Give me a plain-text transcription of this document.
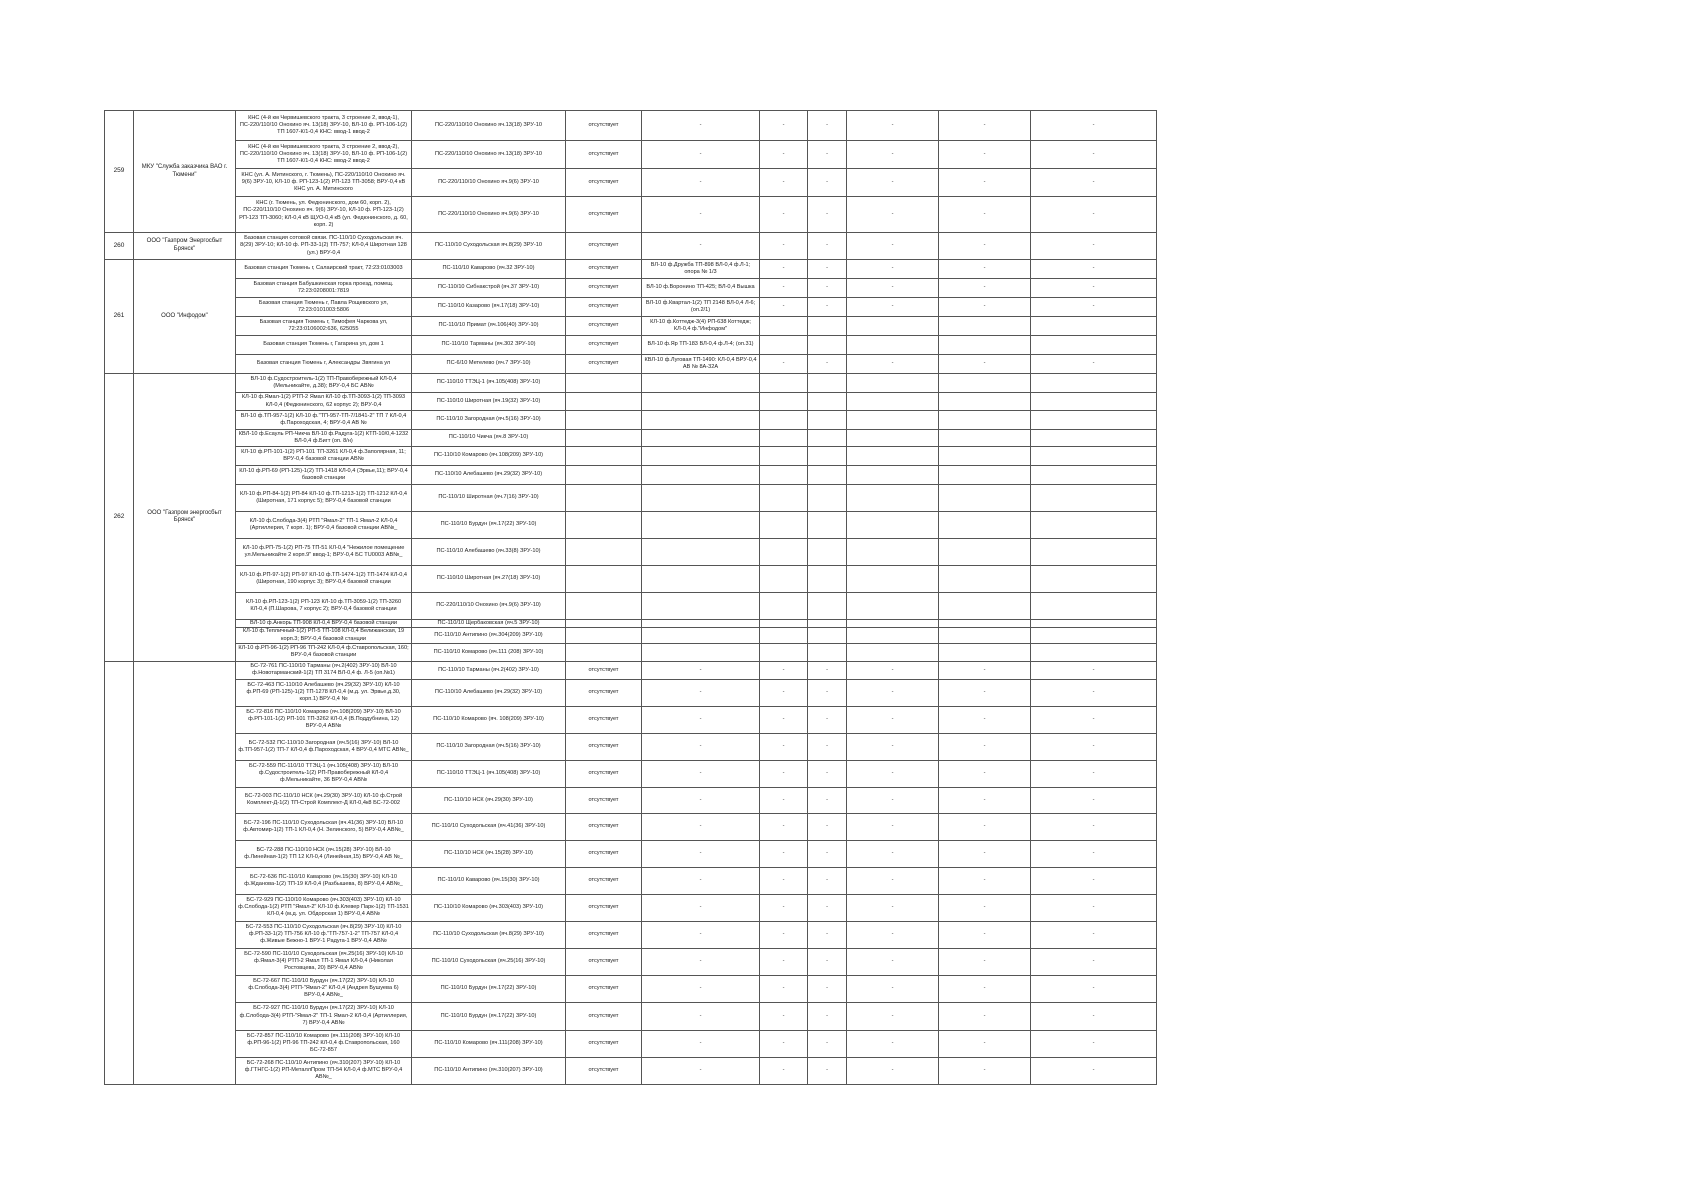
259	МКУ "Служба заказчика ВАО г. Тюмени"	КНС (4-й км Червишевского тракта, 3 строение 2, ввод-1), ПС-220/110/10 Онохино яч. 13(18) ЗРУ-10, ВЛ-10 ф. РП-106-1(2) ТП 1607-К/1-0,4 КНС: ввод-1 ввод-2	ПС-220/110/10 Онохино яч.13(18) ЗРУ-10	отсутствует	-	-	-	-	-	-
		КНС (4-й км Червишевского тракта, 3 строение 2, ввод-2), ПС-220/110/10 Онохино яч. 13(18) ЗРУ-10, ВЛ-10 ф. РП-106-1(2) ТП 1607-К/1-0,4 КНС: ввод-2 ввод-2	ПС-220/110/10 Онохино яч.13(18) ЗРУ-10	отсутствует	-	-	-	-	-	-
		КНС (ул. А. Митинского, г. Тюмень), ПС-220/110/10 Онохино яч. 9(6) ЗРУ-10, КЛ-10 ф. РП-123-1(2) РП-123 ТП-3058; ВРУ-0,4 кВ КНС ул. А. Митинского	ПС-220/110/10 Онохино яч.9(6) ЗРУ-10	отсутствует	-	-	-	-	-	-
		КНС (г. Тюмень, ул. Федюнинского, дом 60, корп. 2), ПС-220/110/10 Онохино яч. 9(6) ЗРУ-10, КЛ-10 ф. РП-123-1(2) РП-123 ТП-3060; КЛ-0,4 кВ ЩУО-0,4 кВ (ул. Федюнинского, д. 60, корп. 2)	ПС-220/110/10 Онохино яч.9(6) ЗРУ-10	отсутствует	-	-	-	-	-	-
260	ООО "Газпром Энергосбыт Брянск"	Базовая станция сотовой связи. ПС-110/10 Суходольская яч. 8(29) ЗРУ-10; КЛ-10 ф. РП-33-1(2) ТП-757; КЛ-0,4 Широтная 128 (ул.) ВРУ-0,4	ПС-110/10 Суходольская яч.8(29) ЗРУ-10	отсутствует	-	-	-	-	-	-
261	ООО "Инфодом"	Базовая станция Тюмень г, Салаирский тракт, 72:23:0103003	ПС-110/10 Каварово (яч.32 ЗРУ-10)	отсутствует	ВЛ-10 ф.Дружба ТП-898 ВЛ-0,4 ф.Л-1; опора № 1/3	-	-	-	-	-
		Базовая станция Бабушкинская горка проезд, помещ. 72:23:0208001:7819	ПС-110/10 Сибнакстрой (яч.37 ЗРУ-10)	отсутствует	ВЛ-10 ф.Воронино ТП-425; ВЛ-0,4 Вышка	-	-	-	-	-
		Базовая станция Тюмень г, Павла Рощевского ул, 72:23:0101003:5806	ПС-110/10 Казарово (яч.17(18) ЗРУ-10)	отсутствует	ВЛ-10 ф.Квартал-1(2) ТП 2148 ВЛ-0,4 Л-6; (оп.2/1)	-	-	-	-	-
		Базовая станция Тюмень г, Тимофея Чаркова ул, 72:23:0106002:636, 625055	ПС-110/10 Примат (яч.106(40) ЗРУ-10)	отсутствует	КЛ-10 ф.Коттедж-3(4) РП-638 Коттедж; КЛ-0,4 ф."Инфодом"					
		Базовая станция Тюмень г, Гагарина ул, дом 1	ПС-110/10 Тарманы (яч.302 ЗРУ-10)	отсутствует	ВЛ-10 ф.Яр ТП-183 ВЛ-0,4 ф.Л-4; (оп.31)					
		Базовая станция Тюмень г, Александры Звягина ул	ПС-6/10 Метелево (яч.7 ЗРУ-10)	отсутствует	КВЛ-10 ф.Луговая ТП-1490: КЛ-0,4 ВРУ-0,4 АВ № 8А-32А	-	-	-	-	-
262	ООО "Газпром энергосбыт Брянск"	ВЛ-10 ф.Судостроитель-1(2) ТП-Правобережный КЛ-0,4 (Мельникайте, д.38); ВРУ-0,4 БС АВ№	ПС-110/10 ТТЭЦ-1 (яч.105(408) ЗРУ-10)							
		КЛ-10 ф.Ямал-1(2) РТП-2 Ямал КЛ-10 ф.ТП-3093-1(2) ТП-3093 КЛ-0,4 (Федюнинского, 62 корпус 2); ВРУ-0,4	ПС-110/10 Широтная (яч.19(32) ЗРУ-10)							
		ВЛ-10 ф.ТП-957-1(2) КЛ-10 ф."ТП-957-ТП-7/1841-2" ТП 7 КЛ-0,4 ф.Пароходская, 4; ВРУ-0,4 АВ №	ПС-110/10 Загородная (яч.5(16) ЗРУ-10)							
		КВЛ-10 ф.Есауль РП-Чикча ВЛ-10 ф.Радуга-1(2) КТП-10/0,4-1232 ВЛ-0,4 ф.Бигт (оп. 8/н)	ПС-110/10 Чикча (яч.8 ЗРУ-10)							
		КЛ-10 ф.РП-101-1(2) РП-101 ТП-3261 КЛ-0,4 ф.Заполярная, 11; ВРУ-0,4 базовой станции АВ№	ПС-110/10 Комарово (яч.108(209) ЗРУ-10)							
		КЛ-10 ф.РП-69 (РП-125)-1(2) ТП-1418 КЛ-0,4 (Эрвье,11); ВРУ-0,4 базовой станции	ПС-110/10 Алебашево (яч.29(32) ЗРУ-10)							
		КЛ-10 ф.РП-84-1(2) РП-84 КЛ-10 ф.ТП-1213-1(2) ТП-1212 КЛ-0,4 (Широтная, 171 корпус 5); ВРУ-0,4 базовой станции	ПС-110/10 Широтная (яч.7(16) ЗРУ-10)							
		КЛ-10 ф.Слобода-3(4) РТП "Ямал-2" ТП-1 Ямал-2 КЛ-0,4 (Артиллерия, 7 корп. 1); ВРУ-0,4 базовой станции АВ№_	ПС-110/10 Бурдун (яч.17(22) ЗРУ-10)							
		КЛ-10 ф.РП-75-1(2) РП-75 ТП-51 КЛ-0,4 "Нежилое помещение ул.Мельникайте 2 корп.9" ввод-1; ВРУ-0,4 БС TU0003 АВ№_	ПС-110/10 Алебашево (яч.33(8) ЗРУ-10)							
		КЛ-10 ф.РП-97-1(2) РП-97 КЛ-10 ф.ТП-1474-1(2) ТП-1474 КЛ-0,4 (Широтная, 190 корпус 3); ВРУ-0,4 базовой станции	ПС-110/10 Широтная (яч.27(18) ЗРУ-10)							
		КЛ-10 ф.РП-123-1(2) РП-123 КЛ-10 ф.ТП-3059-1(2) ТП-3260 КЛ-0,4 (П.Шарова, 7 корпус 2); ВРУ-0,4 базовой станции	ПС-220/110/10 Онохино (яч.9(6) ЗРУ-10)							
		ВЛ-10 ф.Анкорь ТП-908 КЛ-0,4 ВРУ-0,4 базовой станции	ПС-110/10 Щербаковская (яч.5 ЗРУ-10)							
		КЛ-10 ф.Тепличный-1(2) РП-5 ТП-108 КЛ-0,4 Велижанская, 19 корп.3; ВРУ-0,4 базовой станции	ПС-110/10 Антипино (яч.304(209) ЗРУ-10)							
		КЛ-10 ф.РП-96-1(2) РП-96 ТП-242 КЛ-0,4 ф.Ставропольская, 160; ВРУ-0,4 базовой станции	ПС-110/10 Комарово (яч.111 (208) ЗРУ-10)							
		БС-72-761 ПС-110/10 Тарманы (яч.2(402) ЗРУ-10) ВЛ-10 ф.Новотарманский-1(2) ТП 3174 ВЛ-0,4 ф. Л-5 (оп.№1)	ПС-110/10 Тарманы (яч.2(402) ЗРУ-10)	отсутствует	-	-	-	-	-	-
		БС-72-463 ПС-110/10 Алебашево (яч.29(32) ЗРУ-10) КЛ-10 ф.РП-69 (РП-125)-1(2) ТП-1278 КЛ-0,4 (м.д. ул. Эрвье,д.30, корп.1) ВРУ-0,4 №	ПС-110/10 Алебашево (яч.29(32) ЗРУ-10)	отсутствует	-	-	-	-	-	-
		БС-72-816 ПС-110/10 Комарово (яч.108(209) ЗРУ-10) ВЛ-10 ф.РП-101-1(2) РП-101 ТП-3262 КЛ-0,4 (В.Поддубнина, 12) ВРУ-0,4 АВ№	ПС-110/10 Комарово (яч. 108(209) ЗРУ-10)	отсутствует	-	-	-	-	-	-
		БС-72-532 ПС-110/10 Загородная (яч.5(16) ЗРУ-10) ВЛ-10 ф.ТП-957-1(2) ТП-7 КЛ-0,4 ф.Пароходская, 4 ВРУ-0,4 МТС АВ№_	ПС-110/10 Загородная (яч.5(16) ЗРУ-10)	отсутствует	-	-	-	-	-	-
		БС-72-559 ПС-110/10 ТТЭЦ-1 (яч.105(408) ЗРУ-10) ВЛ-10 ф.Судостроитель-1(2) РП-Правобережный КЛ-0,4 ф.Мельникайте, 36 ВРУ-0,4 АВ№	ПС-110/10 ТТЭЦ-1 (яч.105(408) ЗРУ-10)	отсутствует	-	-	-	-	-	-
		БС-72-003 ПС-110/10 НСК (яч.29(30) ЗРУ-10) КЛ-10 ф.Строй Комплект-Д-1(2) ТП-Строй Комплект-Д КЛ-0,4к8 БС-72-002	ПС-110/10 НСК (яч.29(30) ЗРУ-10)	отсутствует	-	-	-	-	-	-
		БС-72-196 ПС-110/10 Суходольская (яч.41(36) ЗРУ-10) ВЛ-10 ф.Автомир-1(2) ТП-1 КЛ-0,4 (Н. Зелинского, 5) ВРУ-0,4 АВ№_	ПС-110/10 Суходольская (яч.41(36) ЗРУ-10)	отсутствует	-	-	-	-	-	-
		БС-72-288 ПС-110/10 НСК (яч.15(28) ЗРУ-10) ВЛ-10 ф.Линейная-1(2) ТП 12 КЛ-0,4 (Линейная,15) ВРУ-0,4 АВ №_	ПС-110/10 НСК (яч.15(28) ЗРУ-10)	отсутствует	-	-	-	-	-	-
		БС-72-636 ПС-110/10 Каварово (яч.15(30) ЗРУ-10) КЛ-10 ф.Жданова-1(2) ТП-19 КЛ-0,4 (Разбышева, 8) ВРУ-0,4 АВ№_	ПС-110/10 Каварово (яч.15(30) ЗРУ-10)	отсутствует	-	-	-	-	-	-
		БС-72-929 ПС-110/10 Комарово (яч.303(403) ЗРУ-10) КЛ-10 ф.Слобода-1(2) РТП "Ямал-2" КЛ-10 ф.Клевер Парк-1(2) ТП-1531 КЛ-0,4 (м.д. ул. Обдорская 1) ВРУ-0,4 АВ№	ПС-110/10 Комарово (яч.303(403) ЗРУ-10)	отсутствует	-	-	-	-	-	-
		БС-72-553 ПС-110/10 Суходольская (яч.8(29) ЗРУ-10) КЛ-10 ф.РП-33-1(2) ТП-756 КЛ-10 ф."ТП-757-1-2" ТП-757 КЛ-0,4 ф.Живые Бежно-1 ВРУ-1 Радуга-1 ВРУ-0,4 АВ№	ПС-110/10 Суходольская (яч.8(29) ЗРУ-10)	отсутствует	-	-	-	-	-	-
		БС-72-590 ПС-110/10 Суходольская (яч.25(16) ЗРУ-10) КЛ-10 ф.Ямал-3(4) РТП-2 Ямал ТП-1 Ямал КЛ-0,4 (Николая Ростовцева, 20) ВРУ-0,4 АВ№	ПС-110/10 Суходольская (яч.25(16) ЗРУ-10)	отсутствует	-	-	-	-	-	-
		БС-72-667 ПС-110/10 Бурдун (яч.17(22) ЗРУ-10) КЛ-10 ф.Слобода-3(4) РТП-"Ямал-2" КЛ-0,4 (Андрея Бушуева 6) ВРУ-0,4 АВ№_	ПС-110/10 Бурдун (яч.17(22) ЗРУ-10)	отсутствует	-	-	-	-	-	-
		БС-72-927 ПС-110/10 Бурдун (яч.17(22) ЗРУ-10) КЛ-10 ф.Слобода-3(4) РТП-"Ямал-2" ТП-1 Ямал-2 КЛ-0,4 (Артиллерия, 7) ВРУ-0,4 АВ№	ПС-110/10 Бурдун (яч.17(22) ЗРУ-10)	отсутствует	-	-	-	-	-	-
		БС-72-857 ПС-110/10 Комарово (яч.111(208) ЗРУ-10) КЛ-10 ф.РП-96-1(2) РП-96 ТП-242 КЛ-0,4 ф.Ставропольская, 160 БС-72-857	ПС-110/10 Комарово (яч.111(208) ЗРУ-10)	отсутствует	-	-	-	-	-	-
		БС-72-268 ПС-110/10 Антипино (яч.310(207) ЗРУ-10) КЛ-10 ф.ГТНГС-1(2) РП-МеталлПром ТП-54 КЛ-0,4 ф.МТС ВРУ-0,4 АВ№_	ПС-110/10 Антипино (яч.310(207) ЗРУ-10)	отсутствует	-	-	-	-	-	-
